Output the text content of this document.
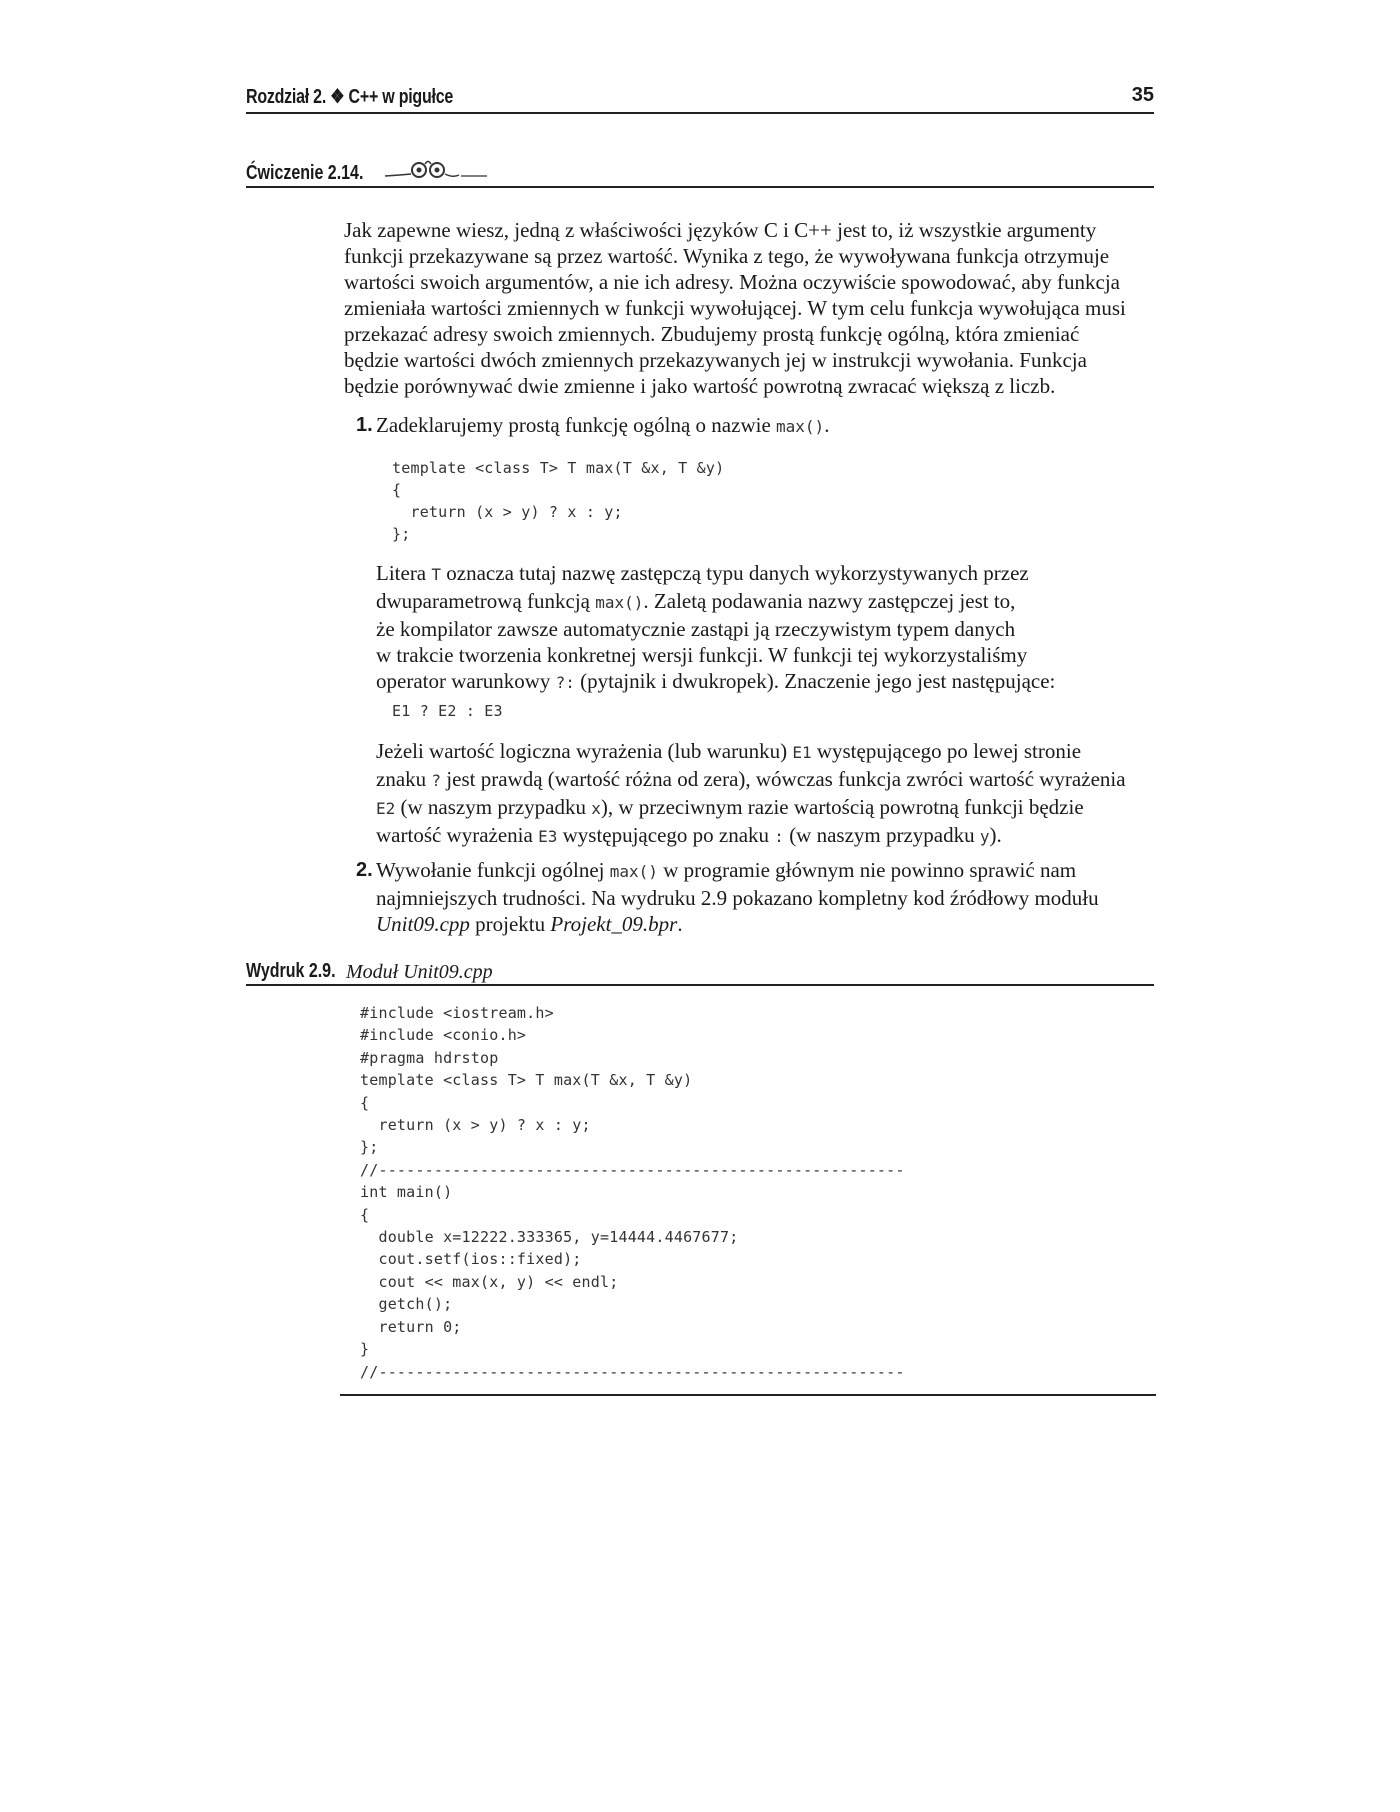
Rozdział 2. ❖ C++ w pigułce	35
Ćwiczenie 2.14.
Jak zapewne wiesz, jedną z właściwości języków C i C++ jest to, iż wszystkie argumenty
funkcji przekazywane są przez wartość. Wynika z tego, że wywoływana funkcja otrzymuje
wartości swoich argumentów, a nie ich adresy. Można oczywiście spowodować, aby funkcja
zmieniała wartości zmiennych w funkcji wywołującej. W tym celu funkcja wywołująca musi
przekazać adresy swoich zmiennych. Zbudujemy prostą funkcję ogólną, która zmieniać
będzie wartości dwóch zmiennych przekazywanych jej w instrukcji wywołania. Funkcja
będzie porównywać dwie zmienne i jako wartość powrotną zwracać większą z liczb.
1. Zadeklarujemy prostą funkcję ogólną o nazwie max().
template <class T> T max(T &x, T &y)
{
return (x > y) ? x : y;
};
Litera T oznacza tutaj nazwę zastępczą typu danych wykorzystywanych przez
dwuparametrową funkcją max(). Zaletą podawania nazwy zastępczej jest to,
że kompilator zawsze automatycznie zastąpi ją rzeczywistym typem danych
w trakcie tworzenia konkretnej wersji funkcji. W funkcji tej wykorzystaliśmy
operator warunkowy ?: (pytajnik i dwukropek). Znaczenie jego jest następujące:
E1 ? E2 : E3
Jeżeli wartość logiczna wyrażenia (lub warunku) E1 występującego po lewej stronie
znaku ? jest prawdą (wartość różna od zera), wówczas funkcja zwróci wartość wyrażenia
E2 (w naszym przypadku x), w przeciwnym razie wartością powrotną funkcji będzie
wartość wyrażenia E3 występującego po znaku : (w naszym przypadku y).
2. Wywołanie funkcji ogólnej max() w programie głównym nie powinno sprawić nam
najmniejszych trudności. Na wydruku 2.9 pokazano kompletny kod źródłowy modułu
Unit09.cpp projektu Projekt_09.bpr.
Wydruk 2.9. Moduł Unit09.cpp
#include <iostream.h>
#include <conio.h>
#pragma hdrstop
template <class T> T max(T &x, T &y)
{
return (x > y) ? x : y;
};
//---------------------------------------------------------
int main()
{
double x=12222.333365, y=14444.4467677;
cout.setf(ios::fixed);
cout << max(x, y) << endl;
getch();
return 0;
}
//---------------------------------------------------------
